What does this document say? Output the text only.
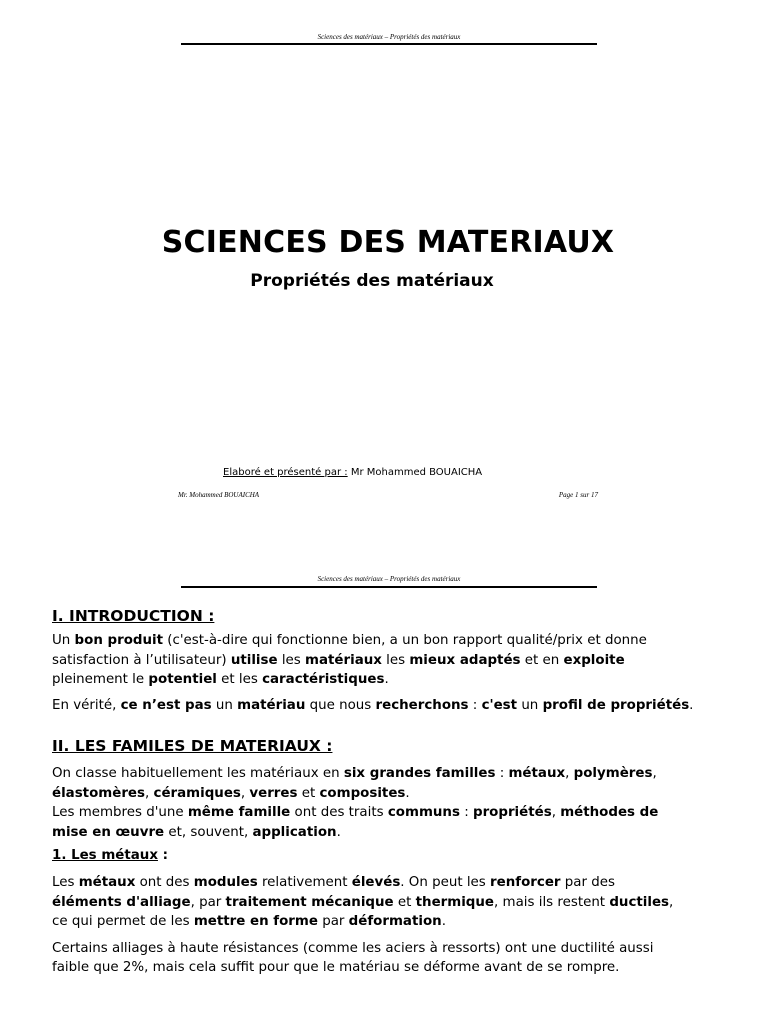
Sciences des matériaux – Propriétés des matériaux
SCIENCES DES MATERIAUX
Propriétés des matériaux
Elaboré et présenté par : Mr Mohammed BOUAICHA
Mr. Mohammed BOUAICHA	Page 1 sur 17
Sciences des matériaux – Propriétés des matériaux
I. INTRODUCTION :

Un bon produit (c'est-à-dire qui fonctionne bien, a un bon rapport qualité/prix et donne
satisfaction à l’utilisateur) utilise les matériaux les mieux adaptés et en exploite
pleinement le potentiel et les caractéristiques.

En vérité, ce n’est pas un matériau que nous recherchons : c'est un profil de propriétés.

II. LES FAMILES DE MATERIAUX :

On classe habituellement les matériaux en six grandes familles : métaux, polymères,
élastomères, céramiques, verres et composites.
Les membres d'une même famille ont des traits communs : propriétés, méthodes de
mise en œuvre et, souvent, application.

1. Les métaux :

Les métaux ont des modules relativement élevés. On peut les renforcer par des
éléments d'alliage, par traitement mécanique et thermique, mais ils restent ductiles,
ce qui permet de les mettre en forme par déformation.

Certains alliages à haute résistances (comme les aciers à ressorts) ont une ductilité aussi
faible que 2%, mais cela suffit pour que le matériau se déforme avant de se rompre.
